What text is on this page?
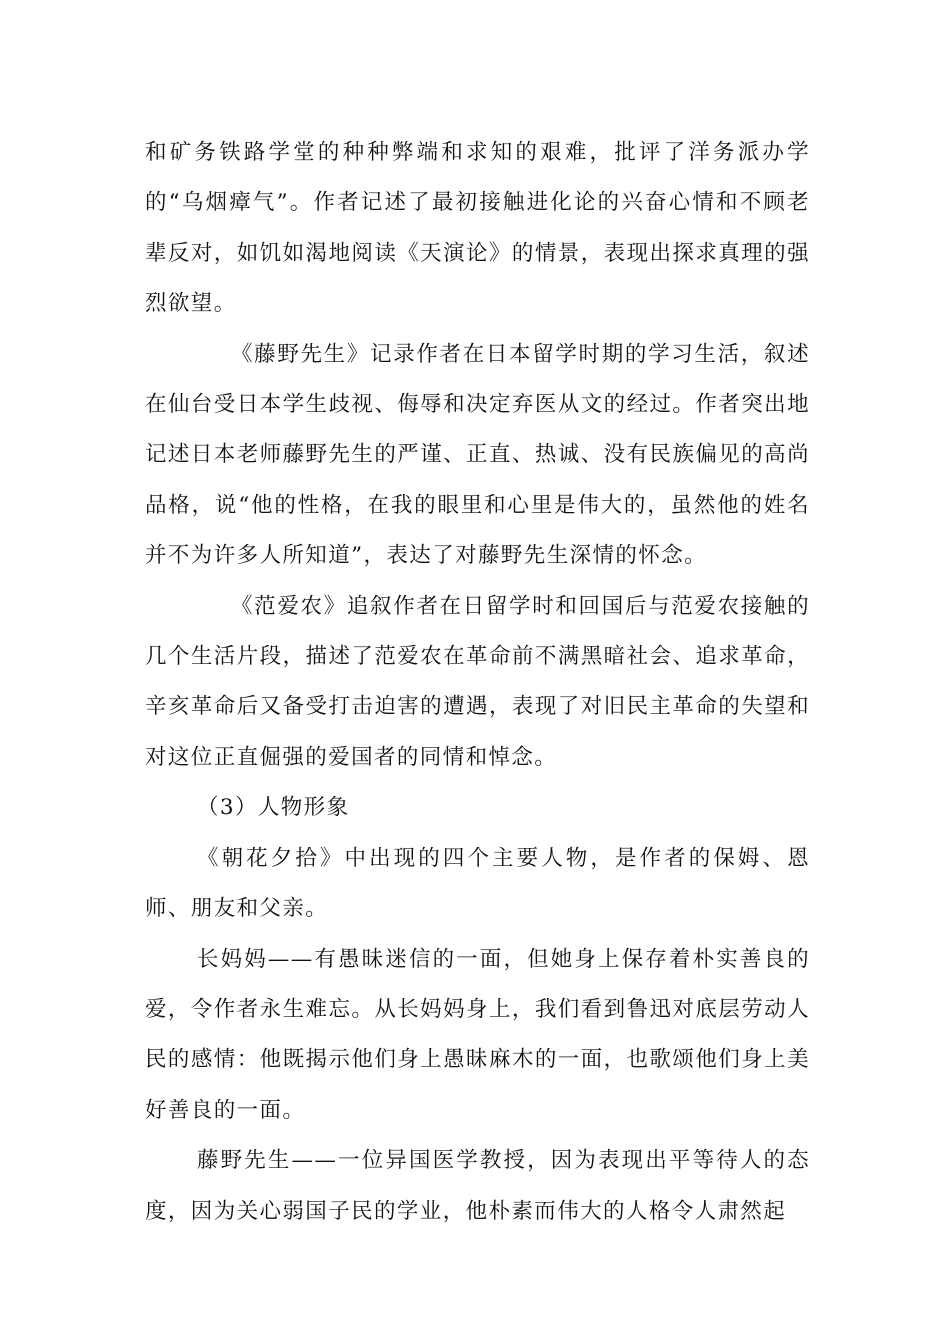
和矿务铁路学堂的种种弊端和求知的艰难，批评了洋务派办学的“乌烟瘴气”。作者记述了最初接触进化论的兴奋心情和不顾老辈反对，如饥如渴地阅读《天演论》的情景，表现出探求真理的强烈欲望。

《藤野先生》记录作者在日本留学时期的学习生活，叙述在仙台受日本学生歧视、侮辱和决定弃医从文的经过。作者突出地记述日本老师藤野先生的严谨、正直、热诚、没有民族偏见的高尚品格，说“他的性格，在我的眼里和心里是伟大的，虽然他的姓名并不为许多人所知道”，表达了对藤野先生深情的怀念。

《范爱农》追叙作者在日留学时和回国后与范爱农接触的几个生活片段，描述了范爱农在革命前不满黑暗社会、追求革命，辛亥革命后又备受打击迫害的遭遇，表现了对旧民主革命的失望和对这位正直倔强的爱国者的同情和悼念。

（3）人物形象

《朝花夕拾》中出现的四个主要人物，是作者的保姆、恩师、朋友和父亲。

长妈妈——有愚昧迷信的一面，但她身上保存着朴实善良的爱，令作者永生难忘。从长妈妈身上，我们看到鲁迅对底层劳动人民的感情：他既揭示他们身上愚昧麻木的一面，也歌颂他们身上美好善良的一面。

藤野先生——一位异国医学教授，因为表现出平等待人的态度，因为关心弱国子民的学业，他朴素而伟大的人格令人肃然起
